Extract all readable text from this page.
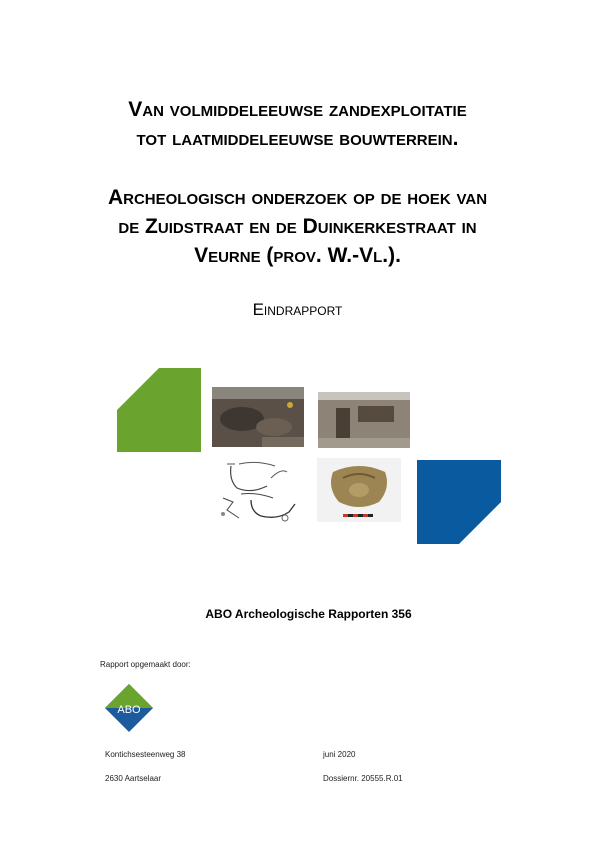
Van volmiddeleeuwse zandexploitatie
tot laatmiddeleeuwse bouwterrein.
Archeologisch onderzoek op de hoek van
de Zuidstraat en de Duinkerkestraat in
Veurne (prov. W.-Vl.).
Eindrapport
ABO Archeologische Rapporten 356
Rapport opgemaakt door:
ABO
Kontichsesteenweg 38
2630 Aartselaar
juni 2020
Dossiernr. 20555.R.01
